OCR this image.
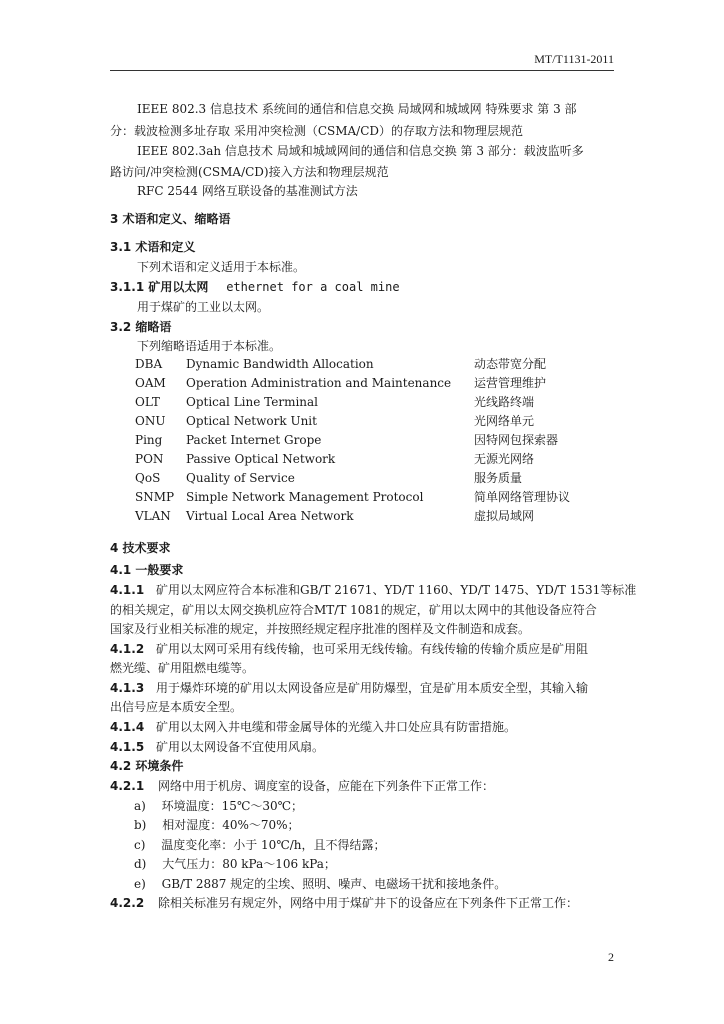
MT/T1131-2011
IEEE 802.3 信息技术 系统间的通信和信息交换 局域网和城域网 特殊要求 第 3 部
分：载波检测多址存取 采用冲突检测（CSMA/CD）的存取方法和物理层规范
IEEE 802.3ah 信息技术 局域和城域网间的通信和信息交换 第 3 部分：载波监听多
路访问/冲突检测(CSMA/CD)接入方法和物理层规范
RFC 2544 网络互联设备的基准测试方法
3 术语和定义、缩略语
3.1 术语和定义
下列术语和定义适用于本标准。
3.1.1 矿用以太网 ethernet for a coal mine
用于煤矿的工业以太网。
3.2 缩略语
下列缩略语适用于本标准。
DBA Dynamic Bandwidth Allocation	动态带宽分配
OAM Operation Administration and Maintenance 运营管理维护
OLT Optical Line Terminal	光线路终端
ONU Optical Network Unit	光网络单元
Ping Packet Internet Grope	因特网包探索器
PON Passive Optical Network	无源光网络
QoS Quality of Service	服务质量
SNMP Simple Network Management Protocol	简单网络管理协议
VLAN Virtual Local Area Network	虚拟局域网
4 技术要求
4.1 一般要求
4.1.1 矿用以太网应符合本标准和GB/T 21671、YD/T 1160、YD/T 1475、YD/T 1531等标准
的相关规定，矿用以太网交换机应符合MT/T 1081的规定，矿用以太网中的其他设备应符合
国家及行业相关标准的规定，并按照经规定程序批准的图样及文件制造和成套。
4.1.2 矿用以太网可采用有线传输，也可采用无线传输。有线传输的传输介质应是矿用阻
燃光缆、矿用阻燃电缆等。
4.1.3 用于爆炸环境的矿用以太网设备应是矿用防爆型，宜是矿用本质安全型，其输入输
出信号应是本质安全型。
4.1.4 矿用以太网入井电缆和带金属导体的光缆入井口处应具有防雷措施。
4.1.5 矿用以太网设备不宜使用风扇。
4.2 环境条件
4.2.1 网络中用于机房、调度室的设备，应能在下列条件下正常工作：
a) 环境温度：15℃～30℃；
b) 相对湿度：40%～70%；
c) 温度变化率：小于 10℃/h，且不得结露；
d) 大气压力：80 kPa～106 kPa；
e) GB/T 2887 规定的尘埃、照明、噪声、电磁场干扰和接地条件。
4.2.2 除相关标准另有规定外，网络中用于煤矿井下的设备应在下列条件下正常工作：
2
